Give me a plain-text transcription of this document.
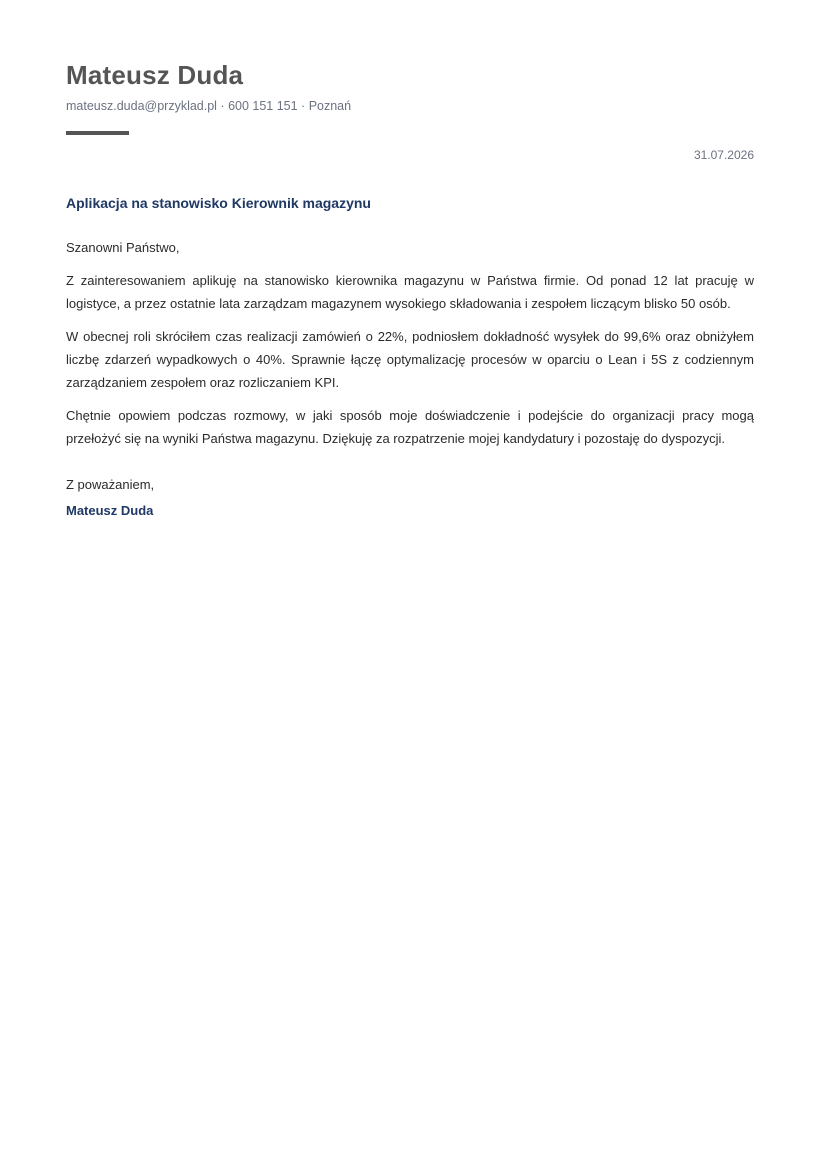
Mateusz Duda
mateusz.duda@przyklad.pl · 600 151 151 · Poznań
31.07.2026
Aplikacja na stanowisko Kierownik magazynu

Szanowni Państwo,

Z zainteresowaniem aplikuję na stanowisko kierownika magazynu w Państwa firmie. Od ponad 12 lat pracuję w logistyce, a przez ostatnie lata zarządzam magazynem wysokiego składowania i zespołem liczącym blisko 50 osób.

W obecnej roli skróciłem czas realizacji zamówień o 22%, podniosłem dokładność wysyłek do 99,6% oraz obniżyłem liczbę zdarzeń wypadkowych o 40%. Sprawnie łączę optymalizację procesów w oparciu o Lean i 5S z codziennym zarządzaniem zespołem oraz rozliczaniem KPI.

Chętnie opowiem podczas rozmowy, w jaki sposób moje doświadczenie i podejście do organizacji pracy mogą przełożyć się na wyniki Państwa magazynu. Dziękuję za rozpatrzenie mojej kandydatury i pozostaję do dyspozycji.

Z poważaniem,

Mateusz Duda
